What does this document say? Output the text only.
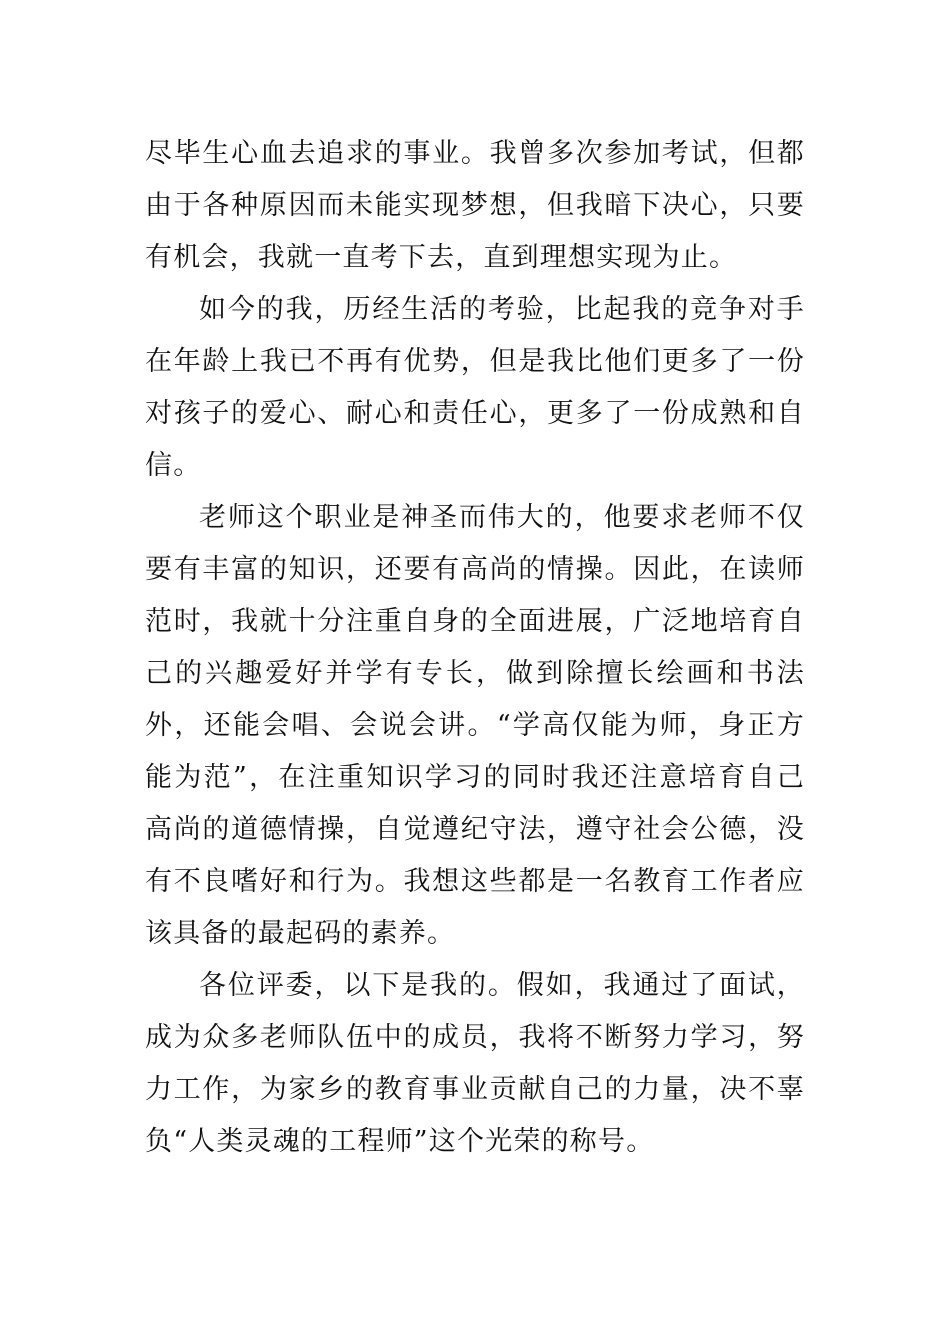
尽毕生心血去追求的事业。我曾多次参加考试，但都由于各种原因而未能实现梦想，但我暗下决心，只要有机会，我就一直考下去，直到理想实现为止。

如今的我，历经生活的考验，比起我的竞争对手在年龄上我已不再有优势，但是我比他们更多了一份对孩子的爱心、耐心和责任心，更多了一份成熟和自信。

老师这个职业是神圣而伟大的，他要求老师不仅要有丰富的知识，还要有高尚的情操。因此，在读师范时，我就十分注重自身的全面进展，广泛地培育自己的兴趣爱好并学有专长，做到除擅长绘画和书法外，还能会唱、会说会讲。“学高仅能为师，身正方能为范”，在注重知识学习的同时我还注意培育自己高尚的道德情操，自觉遵纪守法，遵守社会公德，没有不良嗜好和行为。我想这些都是一名教育工作者应该具备的最起码的素养。

各位评委，以下是我的。假如，我通过了面试，成为众多老师队伍中的成员，我将不断努力学习，努力工作，为家乡的教育事业贡献自己的力量，决不辜负“人类灵魂的工程师”这个光荣的称号。
